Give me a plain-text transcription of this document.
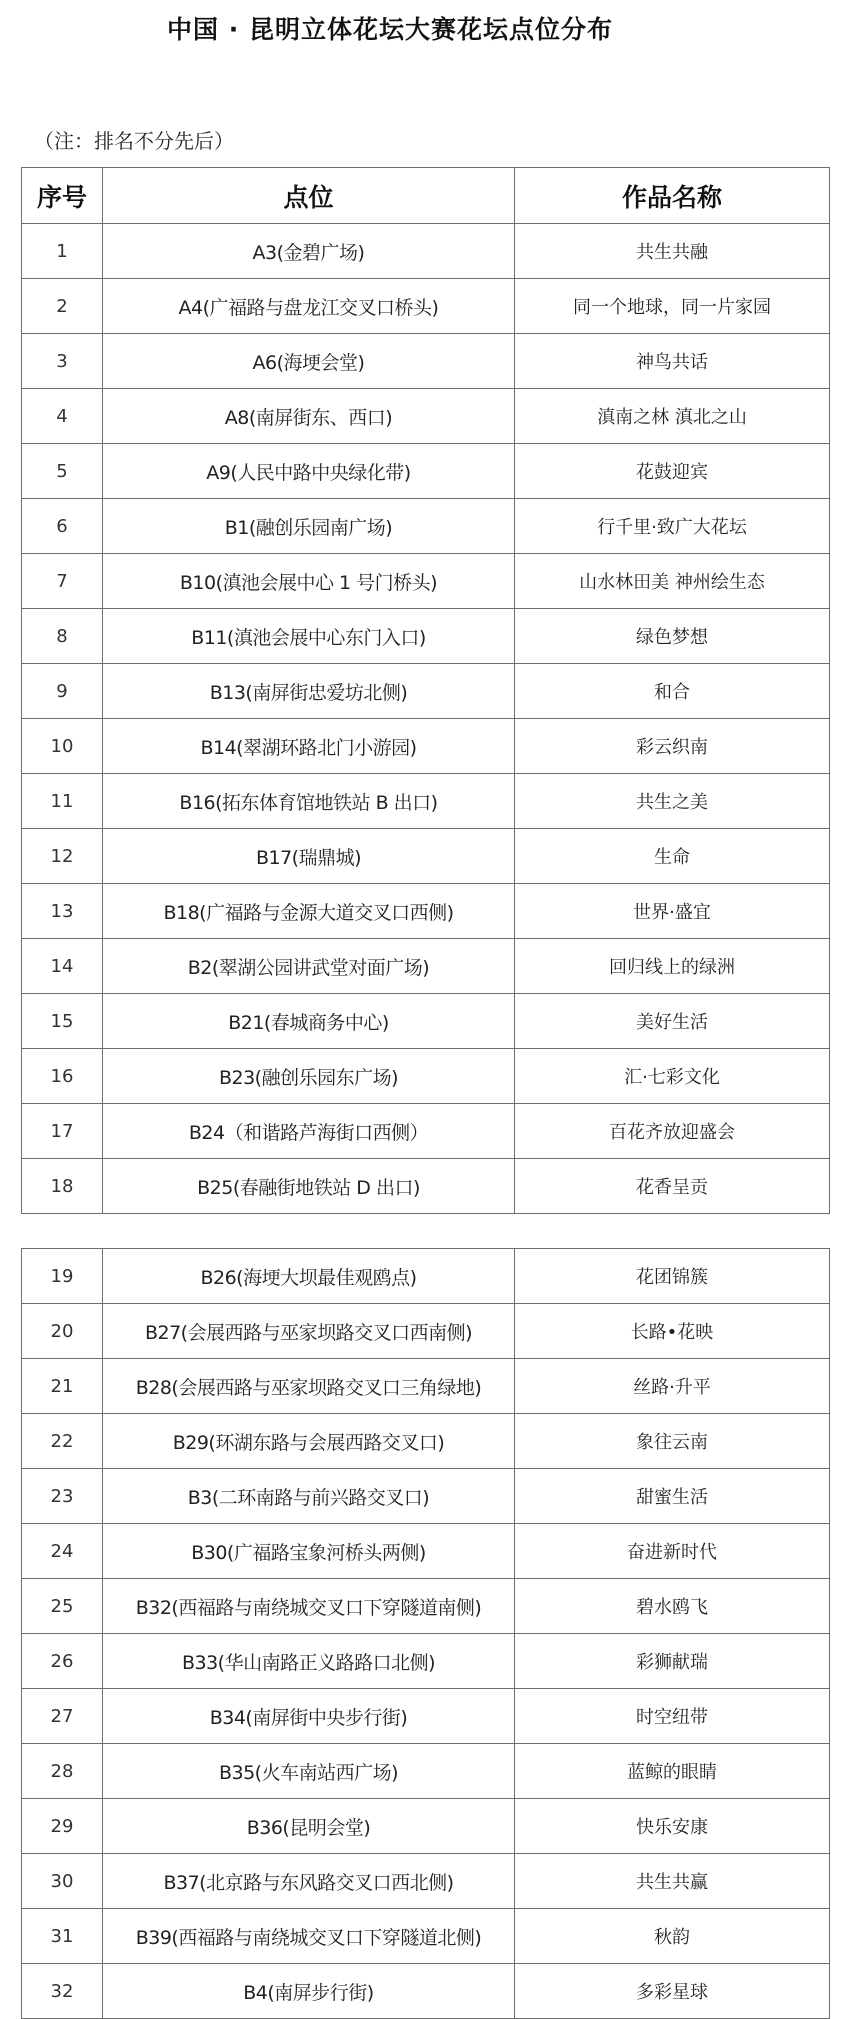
中国 · 昆明立体花坛大赛花坛点位分布
（注：排名不分先后）
序号	点位	作品名称
1	A3(金碧广场)	共生共融
2	A4(广福路与盘龙江交叉口桥头)	同一个地球，同一片家园
3	A6(海埂会堂)	神鸟共话
4	A8(南屏街东、西口)	滇南之林 滇北之山
5	A9(人民中路中央绿化带)	花鼓迎宾
6	B1(融创乐园南广场)	行千里·致广大花坛
7	B10(滇池会展中心 1 号门桥头)	山水林田美 神州绘生态
8	B11(滇池会展中心东门入口)	绿色梦想
9	B13(南屏街忠爱坊北侧)	和合
10	B14(翠湖环路北门小游园)	彩云织南
11	B16(拓东体育馆地铁站 B 出口)	共生之美
12	B17(瑞鼎城)	生命
13	B18(广福路与金源大道交叉口西侧)	世界·盛宜
14	B2(翠湖公园讲武堂对面广场)	回归线上的绿洲
15	B21(春城商务中心)	美好生活
16	B23(融创乐园东广场)	汇·七彩文化
17	B24（和谐路芦海街口西侧）	百花齐放迎盛会
18	B25(春融街地铁站 D 出口)	花香呈贡
19	B26(海埂大坝最佳观鸥点)	花团锦簇
20	B27(会展西路与巫家坝路交叉口西南侧)	长路•花映
21	B28(会展西路与巫家坝路交叉口三角绿地)	丝路·升平
22	B29(环湖东路与会展西路交叉口)	象往云南
23	B3(二环南路与前兴路交叉口)	甜蜜生活
24	B30(广福路宝象河桥头两侧)	奋进新时代
25	B32(西福路与南绕城交叉口下穿隧道南侧)	碧水鸥飞
26	B33(华山南路正义路路口北侧)	彩狮献瑞
27	B34(南屏街中央步行街)	时空纽带
28	B35(火车南站西广场)	蓝鲸的眼睛
29	B36(昆明会堂)	快乐安康
30	B37(北京路与东风路交叉口西北侧)	共生共赢
31	B39(西福路与南绕城交叉口下穿隧道北侧)	秋韵
32	B4(南屏步行街)	多彩星球
